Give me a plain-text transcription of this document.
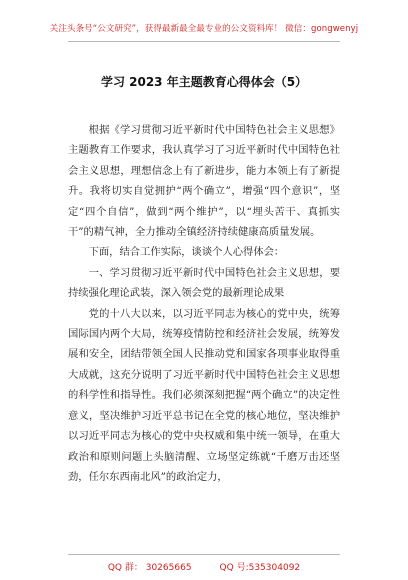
关注头条号“公文研究”，获得最新最全最专业的公文资料库！ 微信：gongwenyj
学习 2023 年主题教育心得体会（5）

根据《学习贯彻习近平新时代中国特色社会主义思想》主题教育工作要求，我认真学习了习近平新时代中国特色社会主义思想，理想信念上有了新进步，能力本领上有了新提升。我将切实自觉拥护“两个确立”，增强“四个意识”，坚定“四个自信”，做到“两个维护”，以“埋头苦干、真抓实干”的精气神，全力推动全镇经济持续健康高质量发展。

下面，结合工作实际，谈谈个人心得体会：

一、学习贯彻习近平新时代中国特色社会主义思想，要持续强化理论武装，深入领会党的最新理论成果

党的十八大以来，以习近平同志为核心的党中央，统筹国际国内两个大局，统筹疫情防控和经济社会发展，统筹发展和安全，团结带领全国人民推动党和国家各项事业取得重大成就，这充分说明了习近平新时代中国特色社会主义思想的科学性和指导性。我们必须深刻把握“两个确立”的决定性意义，坚决维护习近平总书记在全党的核心地位，坚决维护以习近平同志为核心的党中央权威和集中统一领导，在重大政治和原则问题上头脑清醒、立场坚定练就“千磨万击还坚劲，任尔东西南北风”的政治定力，

QQ 群： 30265665	QQ 号:535304092
